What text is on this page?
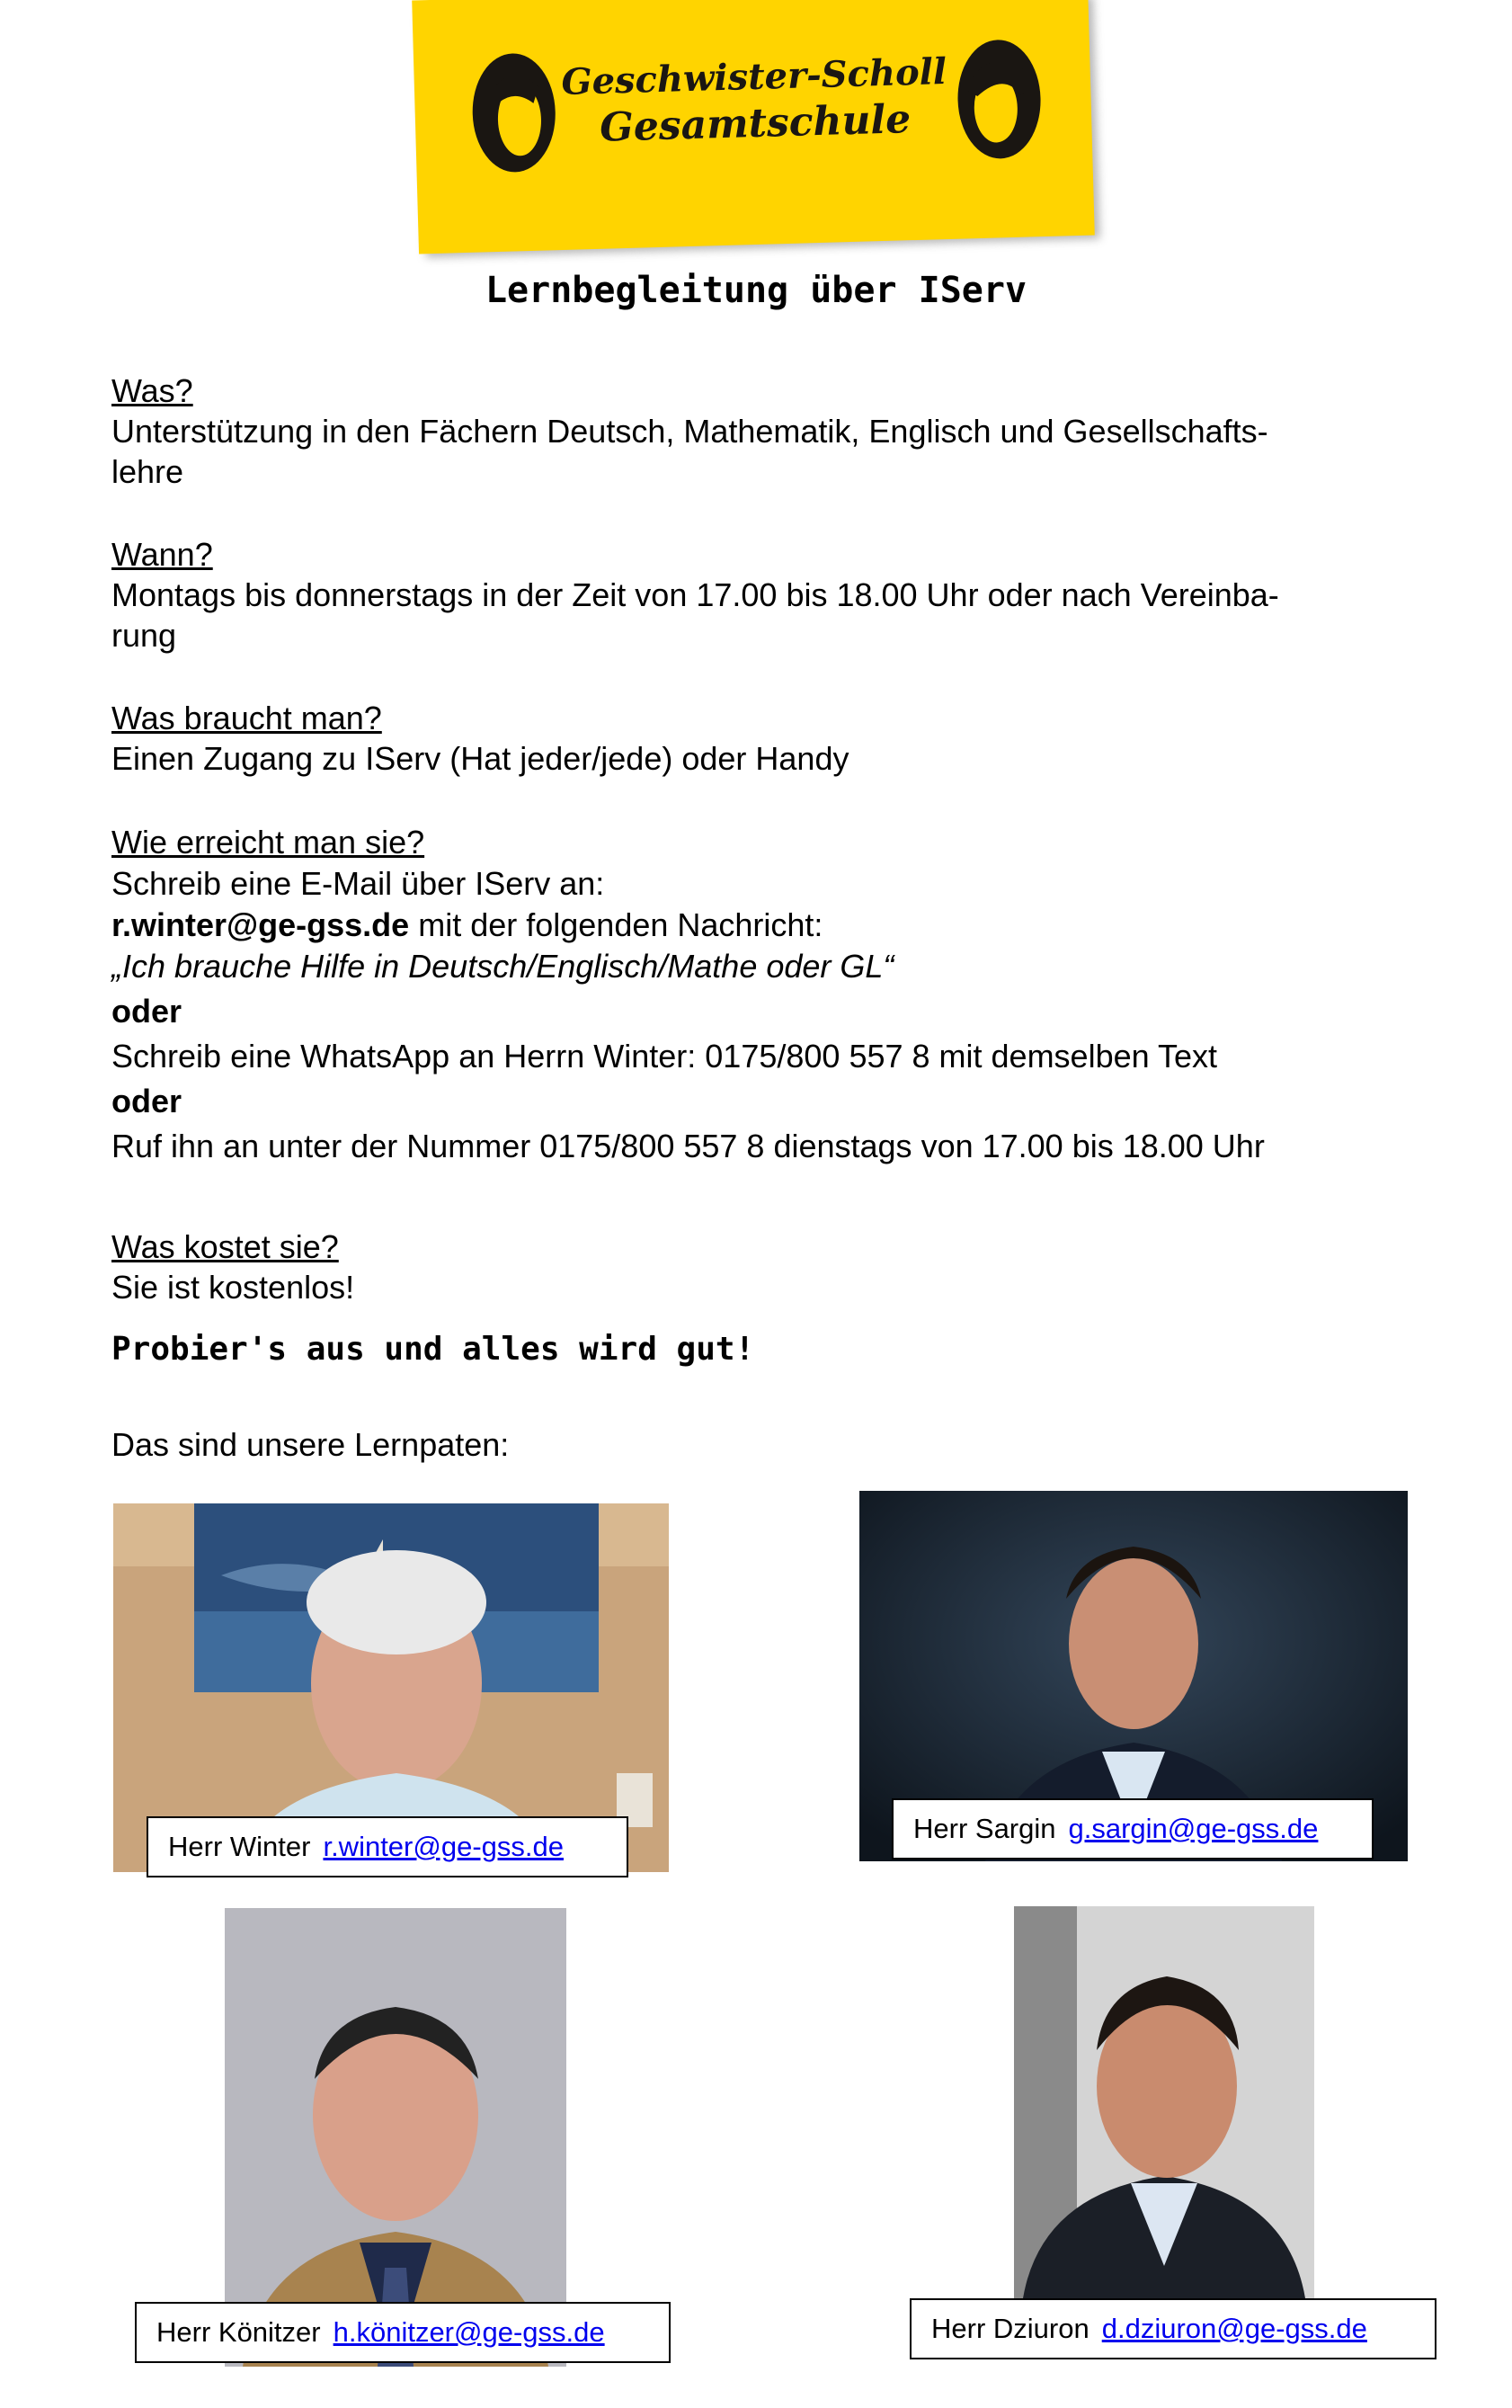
Geschwister-Scholl
Gesamtschule
Lernbegleitung über IServ
Was?
Unterstützung in den Fächern Deutsch, Mathematik, Englisch und Gesellschafts-
lehre
Wann?
Montags bis donnerstags in der Zeit von 17.00 bis 18.00 Uhr oder nach Vereinba-
rung
Was braucht man?
Einen Zugang zu IServ (Hat jeder/jede) oder Handy
Wie erreicht man sie?
Schreib eine E-Mail über IServ an:
r.winter@ge-gss.de mit der folgenden Nachricht:
„Ich brauche Hilfe in Deutsch/Englisch/Mathe oder GL“
oder
Schreib eine WhatsApp an Herrn Winter: 0175/800 557 8 mit demselben Text
oder
Ruf ihn an unter der Nummer 0175/800 557 8 dienstags von 17.00 bis 18.00 Uhr
Was kostet sie?
Sie ist kostenlos!
Probier's aus und alles wird gut!
Das sind unsere Lernpaten:
Herr Winter r.winter@ge-gss.de
Herr Sargin g.sargin@ge-gss.de
Herr Könitzer h.könitzer@ge-gss.de	Herr Dziuron d.dziuron@ge-gss.de
